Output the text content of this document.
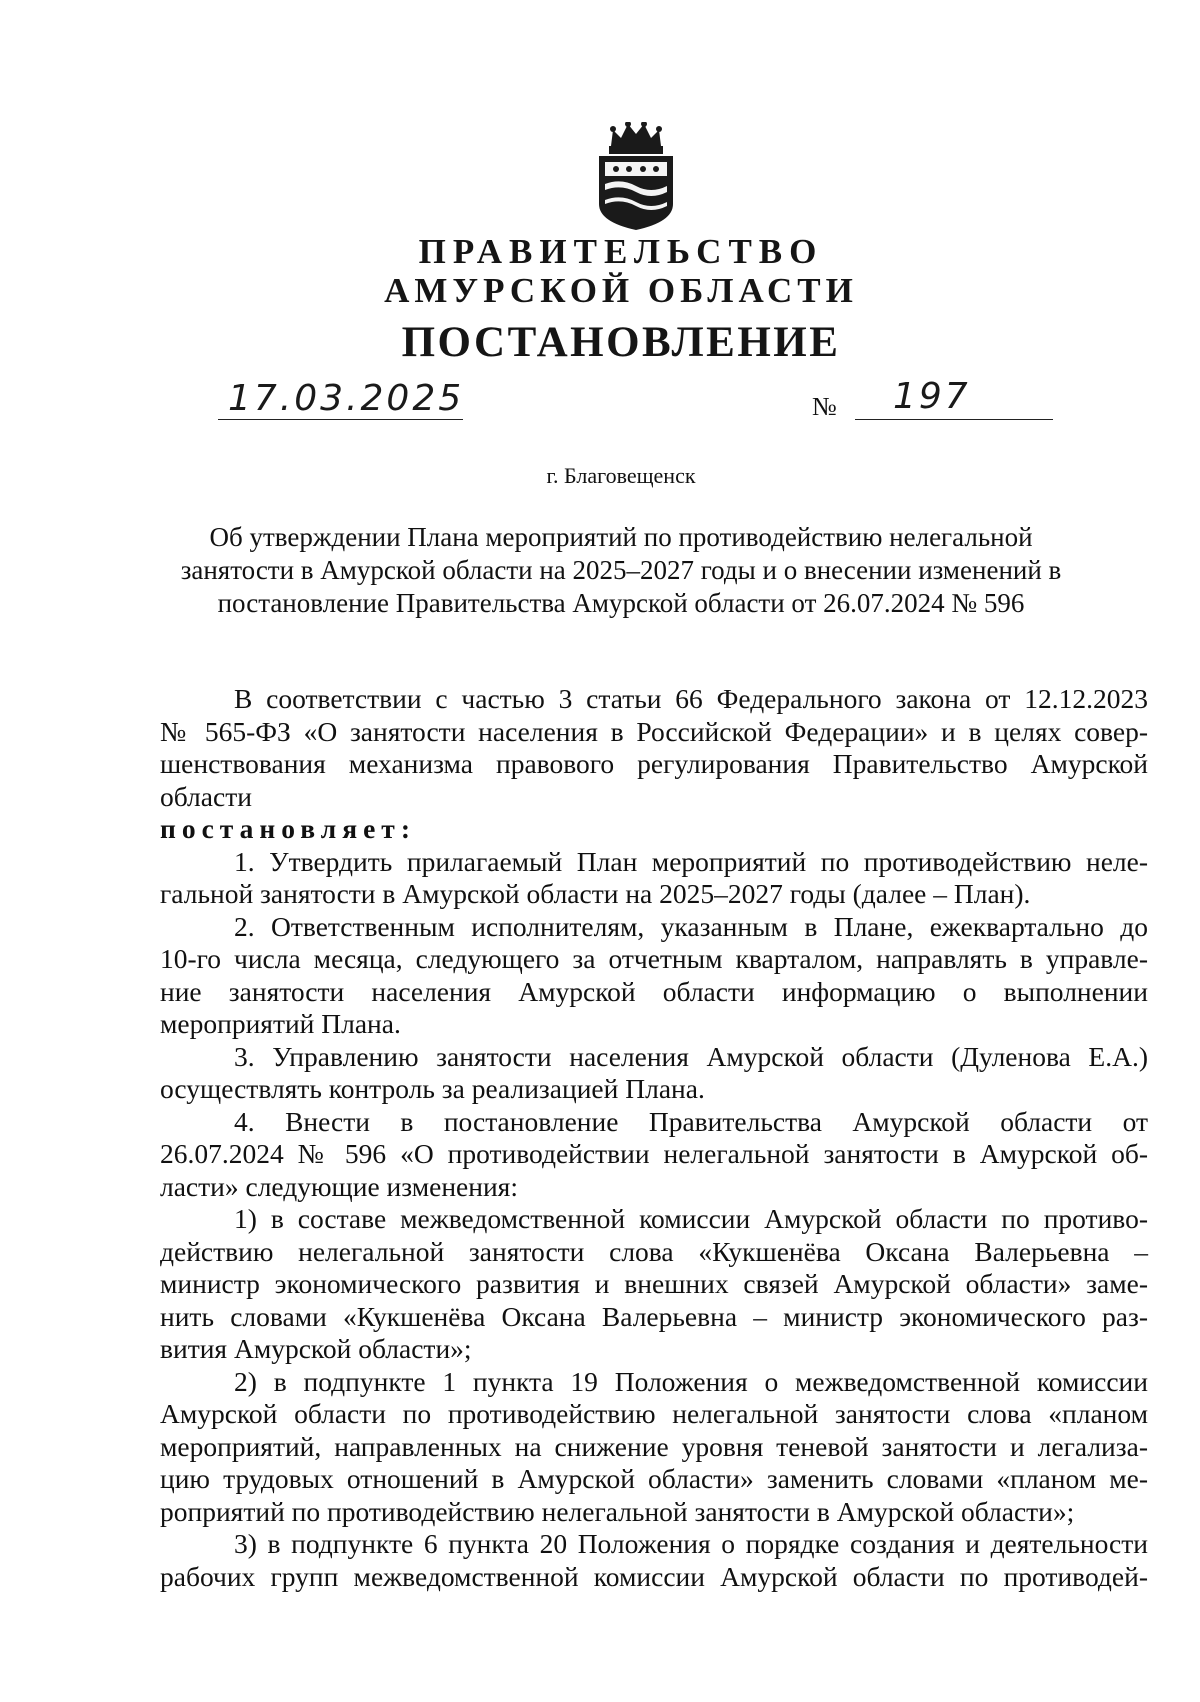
ПРАВИТЕЛЬСТВО
АМУРСКОЙ ОБЛАСТИ
ПОСТАНОВЛЕНИЕ
17.03.2025	№ 197
г. Благовещенск
Об утверждении Плана мероприятий по противодействию нелегальной
занятости в Амурской области на 2025–2027 годы и о внесении изменений в
постановление Правительства Амурской области от 26.07.2024 № 596
В соответствии с частью 3 статьи 66 Федерального закона от 12.12.2023
№ 565-ФЗ «О занятости населения в Российской Федерации» и в целях совер-
шенствования механизма правового регулирования Правительство Амурской
области
постановляет:
1. Утвердить прилагаемый План мероприятий по противодействию неле-
гальной занятости в Амурской области на 2025–2027 годы (далее – План).
2. Ответственным исполнителям, указанным в Плане, ежеквартально до
10-го числа месяца, следующего за отчетным кварталом, направлять в управле-
ние занятости населения Амурской области информацию о выполнении
мероприятий Плана.
3. Управлению занятости населения Амурской области (Дуленова Е.А.)
осуществлять контроль за реализацией Плана.
4. Внести в постановление Правительства Амурской области от
26.07.2024 № 596 «О противодействии нелегальной занятости в Амурской об-
ласти» следующие изменения:
1) в составе межведомственной комиссии Амурской области по противо-
действию нелегальной занятости слова «Кукшенёва Оксана Валерьевна –
министр экономического развития и внешних связей Амурской области» заме-
нить словами «Кукшенёва Оксана Валерьевна – министр экономического раз-
вития Амурской области»;
2) в подпункте 1 пункта 19 Положения о межведомственной комиссии
Амурской области по противодействию нелегальной занятости слова «планом
мероприятий, направленных на снижение уровня теневой занятости и легализа-
цию трудовых отношений в Амурской области» заменить словами «планом ме-
роприятий по противодействию нелегальной занятости в Амурской области»;
3) в подпункте 6 пункта 20 Положения о порядке создания и деятельности
рабочих групп межведомственной комиссии Амурской области по противодей-
